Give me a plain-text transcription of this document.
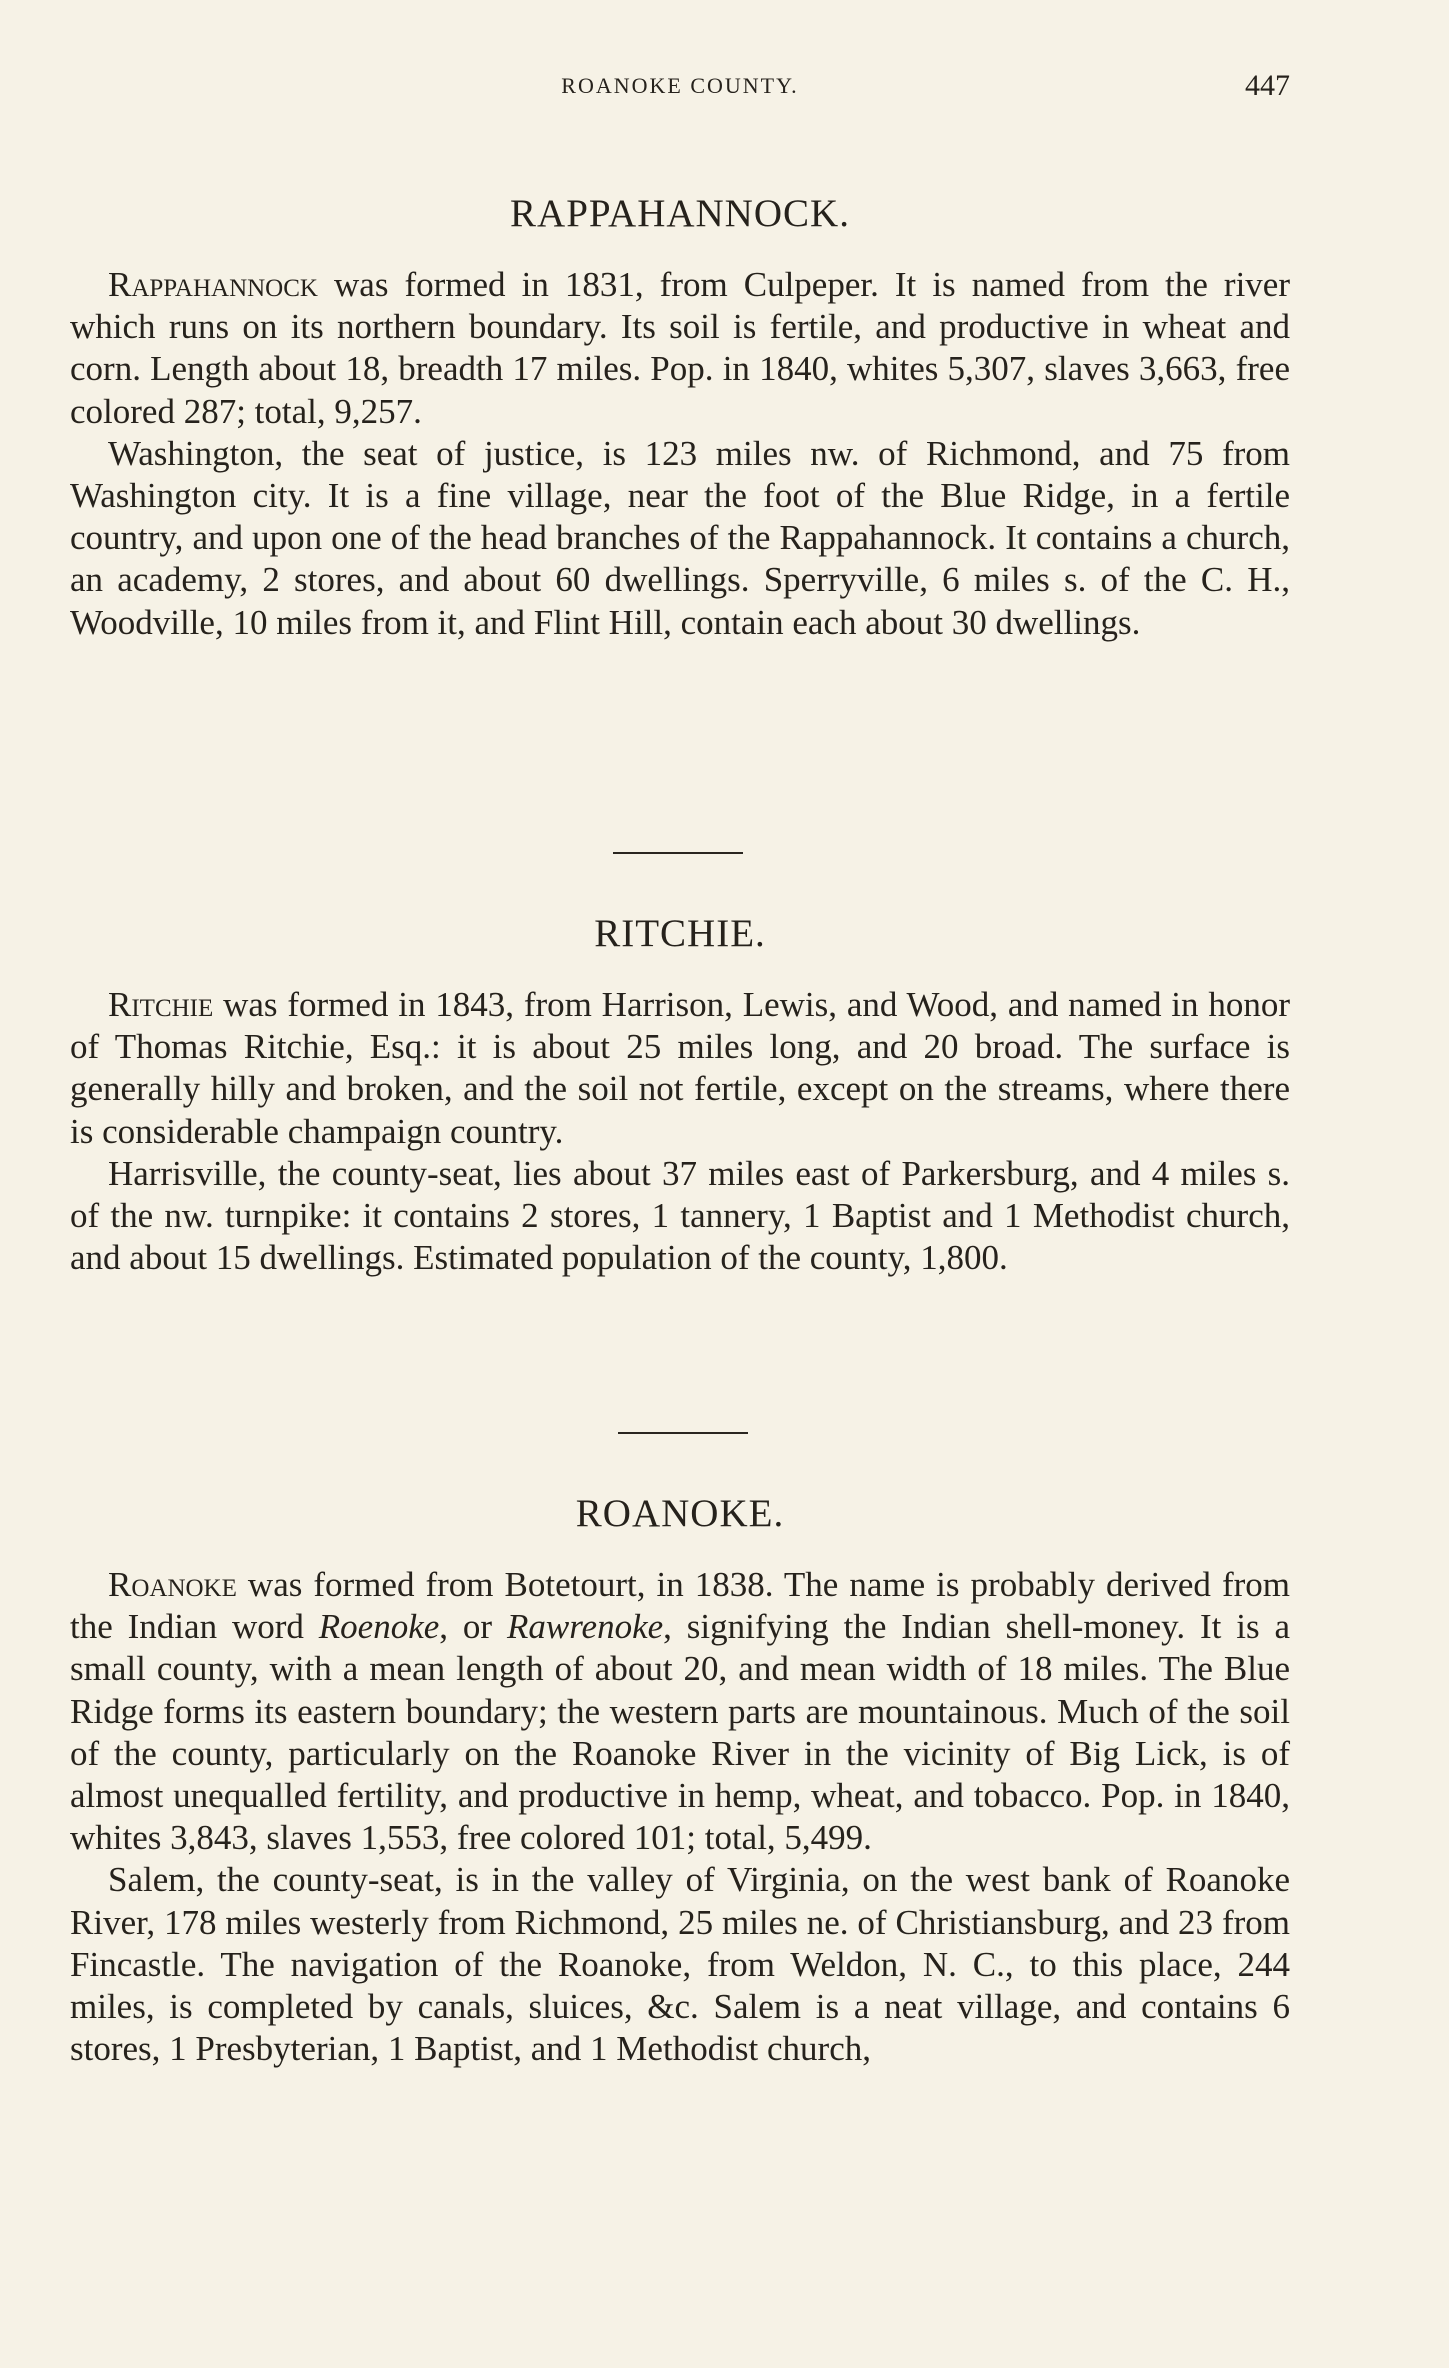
ROANOKE COUNTY.	447
RAPPAHANNOCK.

Rappahannock was formed in 1831, from Culpeper. It is named from the river which runs on its northern boundary. Its soil is fertile, and productive in wheat and corn. Length about 18, breadth 17 miles. Pop. in 1840, whites 5,307, slaves 3,663, free colored 287; total, 9,257.

Washington, the seat of justice, is 123 miles nw. of Richmond, and 75 from Washington city. It is a fine village, near the foot of the Blue Ridge, in a fertile country, and upon one of the head branches of the Rappahannock. It contains a church, an academy, 2 stores, and about 60 dwellings. Sperryville, 6 miles s. of the C. H., Woodville, 10 miles from it, and Flint Hill, contain each about 30 dwellings.

RITCHIE.

Ritchie was formed in 1843, from Harrison, Lewis, and Wood, and named in honor of Thomas Ritchie, Esq.: it is about 25 miles long, and 20 broad. The surface is generally hilly and broken, and the soil not fertile, except on the streams, where there is considerable champaign country.

Harrisville, the county-seat, lies about 37 miles east of Parkersburg, and 4 miles s. of the nw. turnpike: it contains 2 stores, 1 tannery, 1 Baptist and 1 Methodist church, and about 15 dwellings. Estimated population of the county, 1,800.

ROANOKE.

Roanoke was formed from Botetourt, in 1838. The name is probably derived from the Indian word Roenoke, or Rawrenoke, signifying the Indian shell-money. It is a small county, with a mean length of about 20, and mean width of 18 miles. The Blue Ridge forms its eastern boundary; the western parts are mountainous. Much of the soil of the county, particularly on the Roanoke River in the vicinity of Big Lick, is of almost unequalled fertility, and productive in hemp, wheat, and tobacco. Pop. in 1840, whites 3,843, slaves 1,553, free colored 101; total, 5,499.

Salem, the county-seat, is in the valley of Virginia, on the west bank of Roanoke River, 178 miles westerly from Richmond, 25 miles ne. of Christiansburg, and 23 from Fincastle. The navigation of the Roanoke, from Weldon, N. C., to this place, 244 miles, is completed by canals, sluices, &c. Salem is a neat village, and contains 6 stores, 1 Presbyterian, 1 Baptist, and 1 Methodist church,
